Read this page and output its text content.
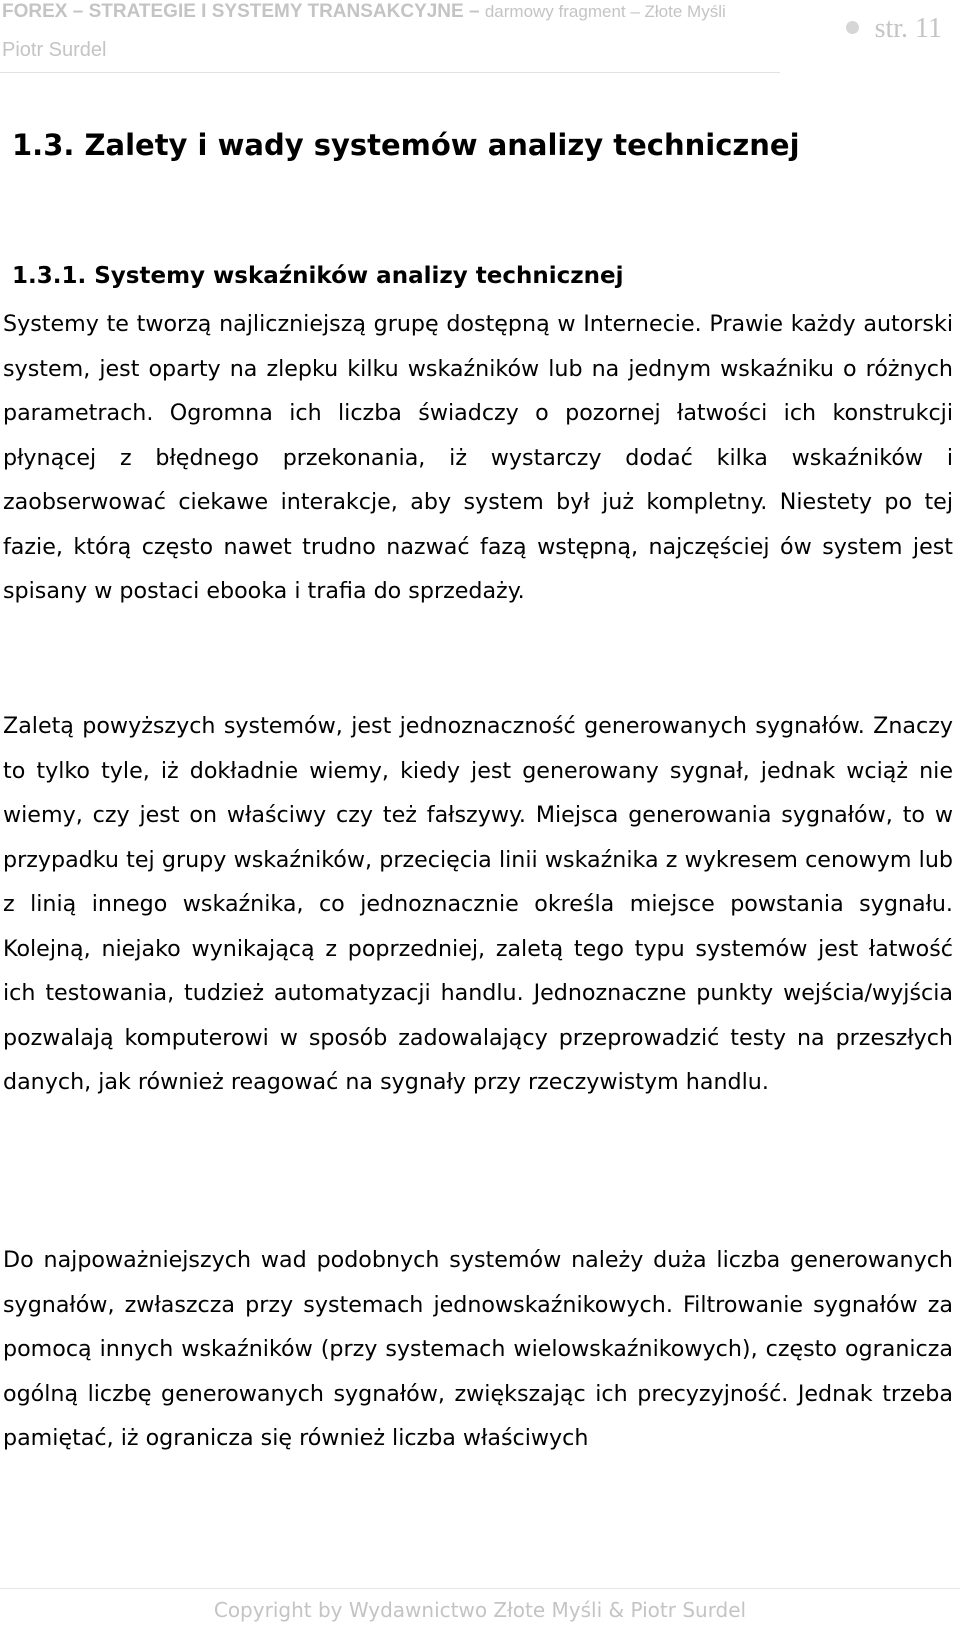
FOREX – STRATEGIE I SYSTEMY TRANSAKCYJNE – darmowy fragment – Złote Myśli
Piotr Surdel
str. 11
1.3. Zalety i wady systemów analizy technicznej
1.3.1. Systemy wskaźników analizy technicznej

Systemy te tworzą najliczniejszą grupę dostępną w Internecie. Prawie każdy autorski system, jest oparty na zlepku kilku wskaźników lub na jednym wskaźniku o różnych parametrach. Ogromna ich liczba świadczy o pozornej łatwości ich konstrukcji płynącej z błędnego przekonania, iż wystarczy dodać kilka wskaźników i zaobserwować ciekawe interakcje, aby system był już kompletny. Niestety po tej fazie, którą często nawet trudno nazwać fazą wstępną, najczęściej ów system jest spisany w postaci ebooka i trafia do sprzedaży.

Zaletą powyższych systemów, jest jednoznaczność generowanych sygnałów. Znaczy to tylko tyle, iż dokładnie wiemy, kiedy jest generowany sygnał, jednak wciąż nie wiemy, czy jest on właściwy czy też fałszywy. Miejsca generowania sygnałów, to w przypadku tej grupy wskaźników, przecięcia linii wskaźnika z wykresem cenowym lub z linią innego wskaźnika, co jednoznacznie określa miejsce powstania sygnału. Kolejną, niejako wynikającą z poprzedniej, zaletą tego typu systemów jest łatwość ich testowania, tudzież automatyzacji handlu. Jednoznaczne punkty wejścia/wyjścia pozwalają komputerowi w sposób zadowalający przeprowadzić testy na przeszłych danych, jak również reagować na sygnały przy rzeczywistym handlu.

Do najpoważniejszych wad podobnych systemów należy duża liczba generowanych sygnałów, zwłaszcza przy systemach jednowskaźnikowych. Filtrowanie sygnałów za pomocą innych wskaźników (przy systemach wielowskaźnikowych), często ogranicza ogólną liczbę generowanych sygnałów, zwiększając ich precyzyjność. Jednak trzeba pamiętać, iż ogranicza się również liczba właściwych

Copyright by Wydawnictwo Złote Myśli & Piotr Surdel
